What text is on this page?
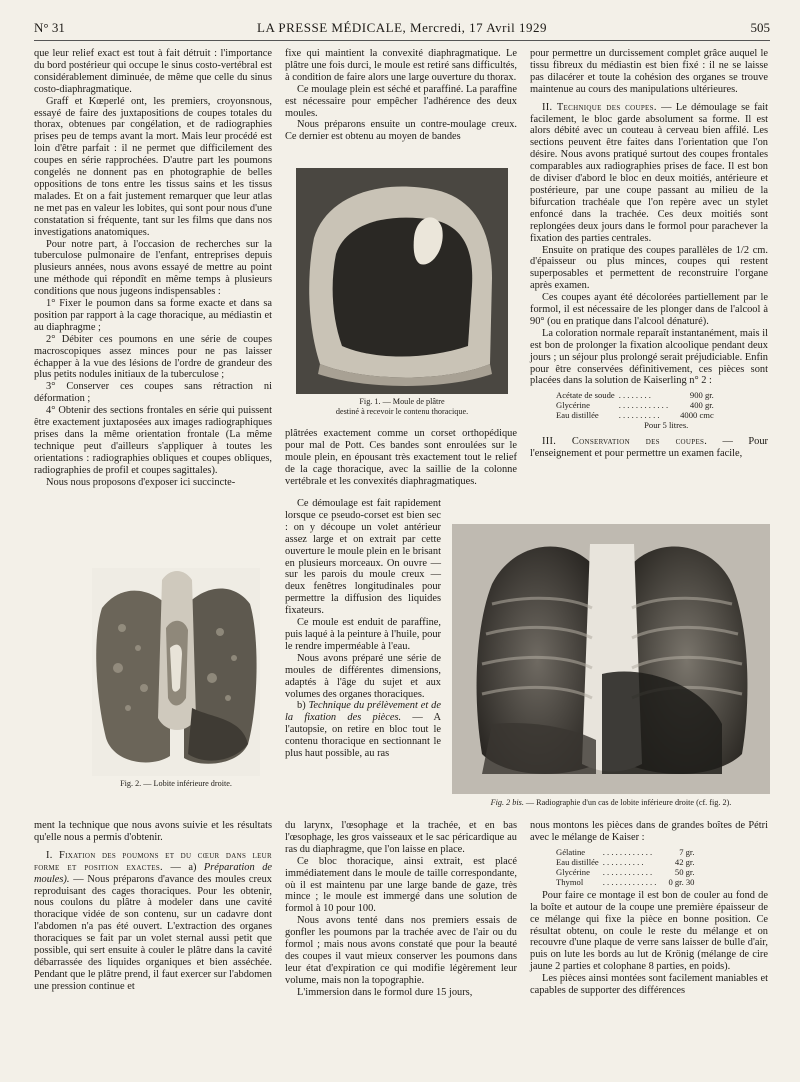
N° 31	LA PRESSE MÉDICALE, Mercredi, 17 Avril 1929	505

que leur relief exact est tout à fait détruit : l'importance du bord postérieur qui occupe le sinus costo-vertébral est considérablement diminuée, de même que celle du sinus costo-diaphragmatique.

Graff et Kœperlé ont, les premiers, croyonsnous, essayé de faire des juxtapositions de coupes totales du thorax, obtenues par congélation, et de radiographies prises peu de temps avant la mort. Mais leur procédé est loin d'être parfait : il ne permet que difficilement des coupes en série rapprochées. D'autre part les poumons congelés ne donnent pas en photographie de belles oppositions de tons entre les tissus sains et les tissus malades. Et on a fait justement remarquer que leur atlas ne met pas en valeur les lobites, qui sont pour nous d'une constatation si fréquente, tant sur les films que dans nos investigations anatomiques.

Pour notre part, à l'occasion de recherches sur la tuberculose pulmonaire de l'enfant, entreprises depuis plusieurs années, nous avons essayé de mettre au point une méthode qui répondît en même temps à plusieurs conditions que nous jugeons indispensables :

1° Fixer le poumon dans sa forme exacte et dans sa position par rapport à la cage thoracique, au médiastin et au diaphragme ;

2° Débiter ces poumons en une série de coupes macroscopiques assez minces pour ne pas laisser échapper à la vue des lésions de l'ordre de grandeur des plus petits nodules initiaux de la tuberculose ;

3° Conserver ces coupes sans rétraction ni déformation ;

4° Obtenir des sections frontales en série qui puissent être exactement juxtaposées aux images radiographiques prises dans la même orientation frontale (La même technique peut d'ailleurs s'appliquer à toutes les orientations : radiographies obliques et coupes obliques, radiographies de profil et coupes sagittales).

Nous nous proposons d'exposer ici succincte-

Fig. 2. — Lobite inférieure droite.

ment la technique que nous avons suivie et les résultats qu'elle nous a permis d'obtenir.

I. Fixation des poumons et du cœur dans leur forme et position exactes. — a) Préparation de moules). — Nous préparons d'avance des moules creux reproduisant des cages thoraciques. Pour les obtenir, nous coulons du plâtre à modeler dans une cavité thoracique vidée de son contenu, sur un cadavre dont l'abdomen n'a pas été ouvert. L'extraction des organes thoraciques se fait par un volet sternal aussi petit que possible, qui sert ensuite à couler le plâtre dans la cavité débarrassée des liquides organiques et bien asséchée. Pendant que le plâtre prend, il faut exercer sur l'abdomen une pression continue et

fixe qui maintient la convexité diaphragmatique. Le plâtre une fois durci, le moule est retiré sans difficultés, à condition de faire alors une large ouverture du thorax.

Ce moulage plein est séché et paraffiné. La paraffine est nécessaire pour empêcher l'adhérence des deux moules.

Nous préparons ensuite un contre-moulage creux. Ce dernier est obtenu au moyen de bandes

Fig. 1. — Moule de plâtre
destiné à recevoir le contenu thoracique.

plâtrées exactement comme un corset orthopédique pour mal de Pott. Ces bandes sont enroulées sur le moule plein, en épousant très exactement tout le relief de la cage thoracique, avec la saillie de la colonne vertébrale et les convexités diaphragmatiques.

Ce démoulage est fait rapidement lorsque ce pseudo-corset est bien sec : on y découpe un volet antérieur assez large et on extrait par cette ouverture le moule plein en le brisant en plusieurs morceaux. On ouvre — sur les parois du moule creux — deux fenêtres longitudinales pour permettre la diffusion des liquides fixateurs.

Ce moule est enduit de paraffine, puis laqué à la peinture à l'huile, pour le rendre imperméable à l'eau.

Nous avons préparé une série de moules de différentes dimensions, adaptés à l'âge du sujet et aux volumes des organes thoraciques.

b) Technique du prélèvement et de la fixation des pièces. — A l'autopsie, on retire en bloc tout le contenu thoracique en sectionnant le plus haut possible, au ras

du larynx, l'œsophage et la trachée, et en bas l'œsophage, les gros vaisseaux et le sac péricardique au ras du diaphragme, que l'on laisse en place.

Ce bloc thoracique, ainsi extrait, est placé immédiatement dans le moule de taille correspondante, où il est maintenu par une large bande de gaze, très mince ; le moule est immergé dans une solution de formol à 10 pour 100.

Nous avons tenté dans nos premiers essais de gonfler les poumons par la trachée avec de l'air ou du formol ; mais nous avons constaté que pour la beauté des coupes il vaut mieux conserver les poumons dans leur état d'expiration ce qui modifie légèrement leur volume, mais non la topographie.

L'immersion dans le formol dure 15 jours,

pour permettre un durcissement complet grâce auquel le tissu fibreux du médiastin est bien fixé : il ne se laisse pas dilacérer et toute la cohésion des organes se trouve maintenue au cours des manipulations ultérieures.

II. Technique des coupes. — Le démoulage se fait facilement, le bloc garde absolument sa forme. Il est alors débité avec un couteau à cerveau bien affilé. Les sections peuvent être faites dans l'orientation que l'on désire. Nous avons pratiqué surtout des coupes frontales comparables aux radiographies prises de face. Il est bon de diviser d'abord le bloc en deux moitiés, antérieure et postérieure, par une coupe passant au milieu de la bifurcation trachéale que l'on repère avec un stylet enfoncé dans la trachée. Ces deux moitiés sont replongées deux jours dans le formol pour parachever la fixation des parties centrales.

Ensuite on pratique des coupes parallèles de 1/2 cm. d'épaisseur ou plus minces, coupes qui restent superposables et permettent de reconstruire l'organe après examen.

Ces coupes ayant été décolorées partiellement par le formol, il est nécessaire de les plonger dans de l'alcool à 90° (ou en pratique dans l'alcool dénaturé).

La coloration normale reparaît instantanément, mais il est bon de prolonger la fixation alcoolique pendant deux jours ; un séjour plus prolongé serait préjudiciable. Enfin pour être conservées définitivement, ces pièces sont placées dans la solution de Kaiserling n° 2 :

Acétate de soude	. . . . . . . .	900 gr.
Glycérine	. . . . . . . . . . . .	400 gr.
Eau distillée	. . . . . . . . . .	4000 cmc
	Pour 5 litres.	
III. Conservation des coupes. — Pour l'enseignement et pour permettre un examen facile,
Fig. 2 bis. — Radiographie d'un cas de lobite inférieure droite (cf. fig. 2).

nous montons les pièces dans de grandes boîtes de Pétri avec le mélange de Kaiser :

Gélatine	. . . . . . . . . . . .	7 gr.
Eau distillée	. . . . . . . . . .	42 gr.
Glycérine	. . . . . . . . . . . .	50 gr.
Thymol	. . . . . . . . . . . . .	0 gr. 30

Pour faire ce montage il est bon de couler au fond de la boîte et autour de la coupe une première épaisseur de ce mélange qui fixe la pièce en bonne position. Ce résultat obtenu, on coule le reste du mélange et on recouvre d'une plaque de verre sans laisser de bulle d'air, puis on lute les bords au lut de Krönig (mélange de cire jaune 2 parties et colophane 8 parties, en poids).

Les pièces ainsi montées sont facilement maniables et capables de supporter des différences
